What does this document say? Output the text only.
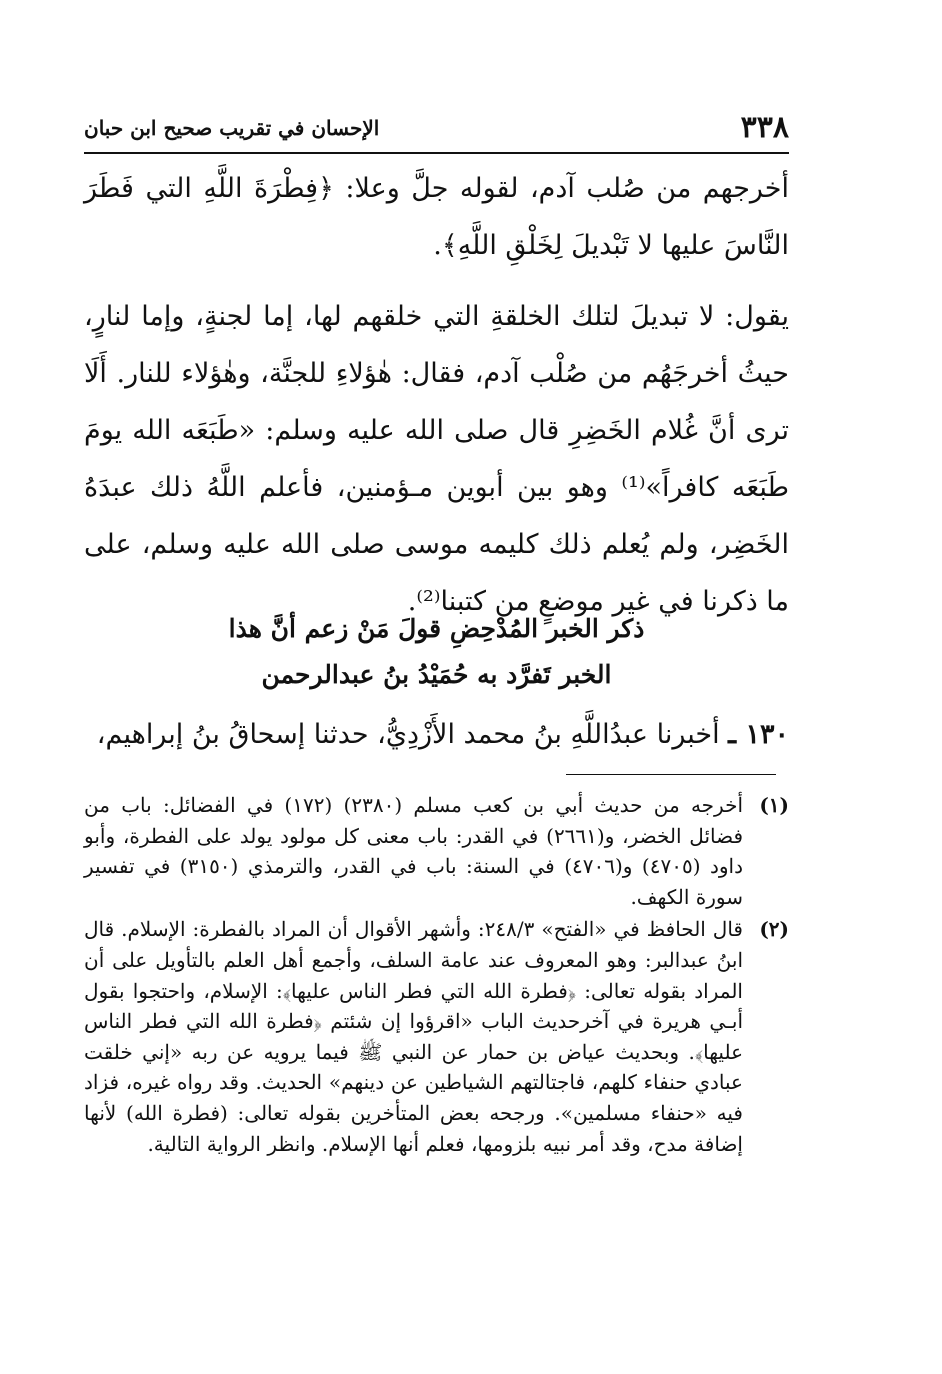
٣٣٨
الإحسان في تقريب صحيح ابن حبان

أخرجهم من صُلب آدم، لقوله جلَّ وعلا: ﴿فِطْرَةَ اللَّهِ التي فَطَرَ النَّاسَ عليها لا تَبْديلَ لِخَلْقِ اللَّهِ﴾.

يقول: لا تبديلَ لتلك الخلقةِ التي خلقهم لها، إما لجنةٍ، وإما لنارٍ، حيثُ أخرجَهُم من صُلْب آدم، فقال: هٰؤلاءِ للجنَّة، وهٰؤلاء للنار. أَلَا ترى أنَّ غُلام الخَضِرِ قال صلى الله عليه وسلم: «طَبَعَه الله يومَ طَبَعَه كافراً»⁽¹⁾ وهو بين أبوين مـؤمنين، فأعلم اللَّهُ ذلك عبدَهُ الخَضِر، ولم يُعلم ذلك كليمه موسى صلى الله عليه وسلم، على ما ذكرنا في غير موضعٍ من كتبنا⁽²⁾.

ذكر الخبر المُدْحِضِ قولَ مَنْ زعم أنَّ هذا
الخبر تَفرَّد به حُمَيْدُ بنُ عبدالرحمن
١٣٠ ـ أخبرنا عبدُاللَّهِ بنُ محمد الأَزْدِيُّ، حدثنا إسحاقُ بنُ إبراهيم،
(١)
أخرجه من حديث أبي بن كعب مسلم (٢٣٨٠) (١٧٢) في الفضائل: باب من فضائل الخضر، و(٢٦٦١) في القدر: باب معنى كل مولود يولد على الفطرة، وأبو داود (٤٧٠٥) و(٤٧٠٦) في السنة: باب في القدر، والترمذي (٣١٥٠) في تفسير سورة الكهف.
(٢)
قال الحافظ في «الفتح» ٢٤٨/٣: وأشهر الأقوال أن المراد بالفطرة: الإسلام. قال ابنُ عبدالبر: وهو المعروف عند عامة السلف، وأجمع أهل العلم بالتأويل على أن المراد بقوله تعالى: ﴿فطرة الله التي فطر الناس عليها﴾: الإسلام، واحتجوا بقول أبـي هريرة في آخرحديث الباب «اقرؤوا إن شئتم ﴿فطرة الله التي فطر الناس عليها﴾. وبحديث عياض بن حمار عن النبي ﷺ فيما يرويه عن ربه «إني خلقت عبادي حنفاء كلهم، فاجتالتهم الشياطين عن دينهم» الحديث. وقد رواه غيره، فزاد فيه «حنفاء مسلمين». ورجحه بعض المتأخرين بقوله تعالى: (فطرة الله) لأنها إضافة مدح، وقد أمر نبيه بلزومها، فعلم أنها الإسلام. وانظر الرواية التالية.
